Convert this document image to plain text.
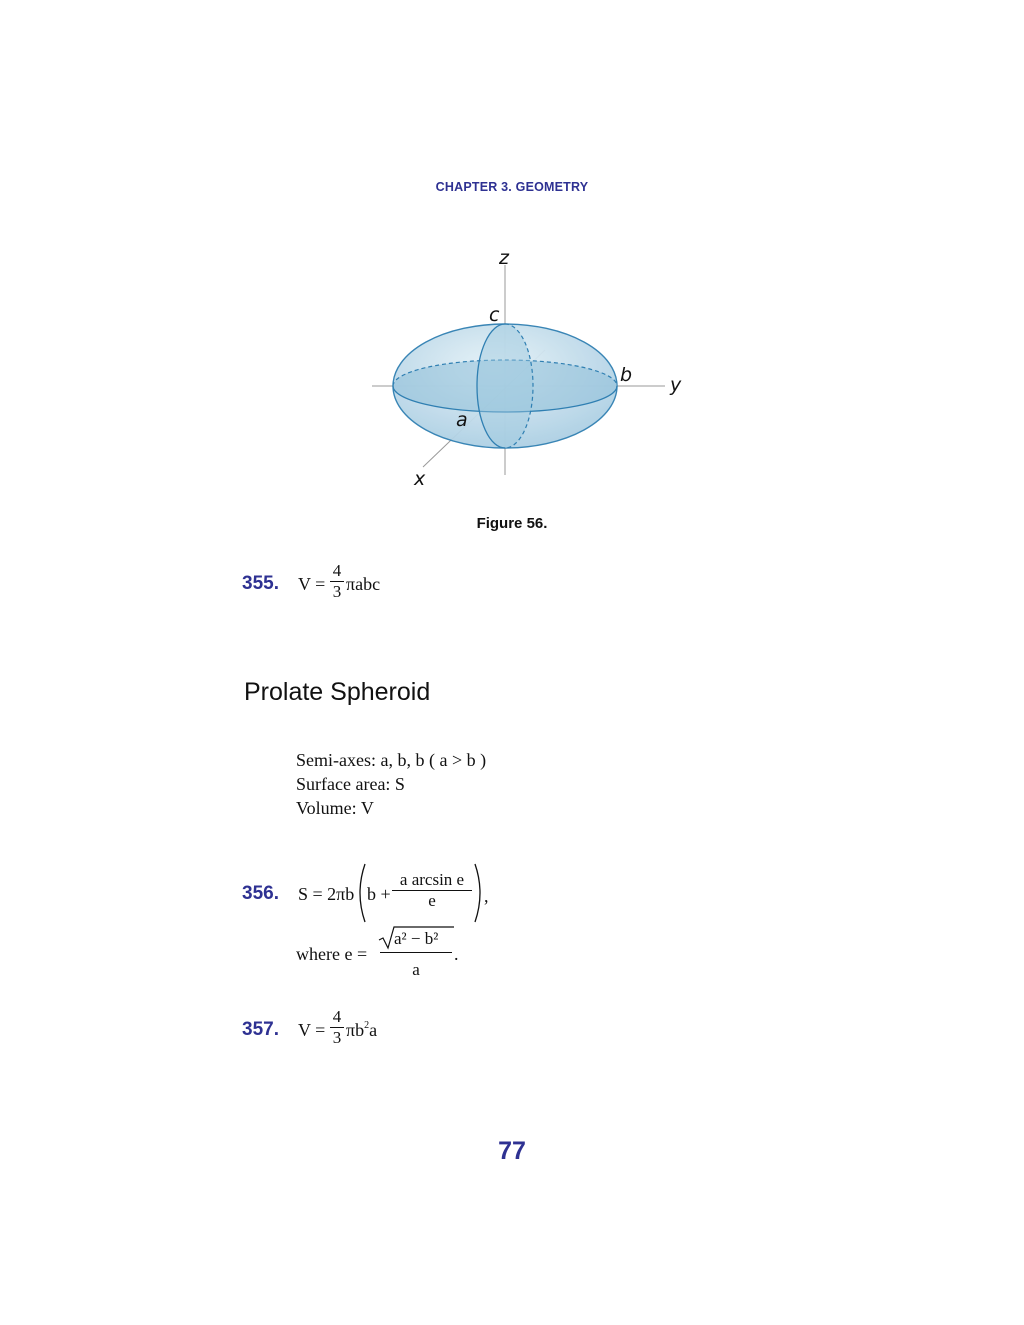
CHAPTER 3. GEOMETRY
z
c
b y
a
x
Figure 56.
355. V =
4
3 πabc
Prolate Spheroid
Semi-axes: a, b, b ( a > b )
Surface area: S
Volume: V
356. S = 2πb b +
a arcsin e
e	,
where e =
a² − b²
a
.
357. V =
4
3 $\pi b^2a$
77
